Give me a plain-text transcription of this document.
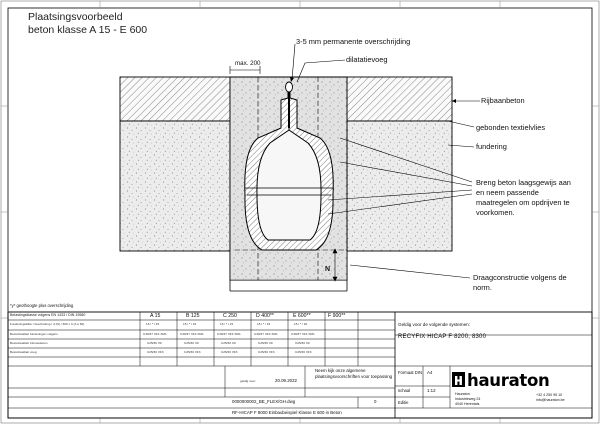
Plaatsingsvoorbeeld
beton klasse A 15 - E 600
max. 200
N
3-5 mm permanente overschrijding
dilatatievoeg
Rijbaanbeton
gebonden textielvlies
fundering
Breng beton laagsgewijs aan
en neem passende
maatregelen om opdrijven te
voorkomen.
Draagconstructie volgens de
norm.
*y* geothoogte plus overschrijding
Belastingsklasse volgens EN 1433 / DIN 19580	A 15	B 125	C 250	D 400**	E 600**	F 900**
Funderingsdikte / beschotting / d (N) / 300 x 3 (A ≥ 60)	15 / * / 15	15 / * / 15	15 / * / 15	15 / * / 15	15 / * / 20
Betonkwaliteit funderingen volgens	C30/37 XF4 XM1	C30/37 XF4 XM1	C30/37 XF4 XM1	C30/37 XF4 XM1	C30/37 XF4 XM1
Betonkwaliteit inbouwbeton	C25/30 X0	C25/30 X0	C25/30 X0	C25/30 X0	C25/30 X0
Betonkwaliteit voeg	C25/30 XF3	C25/30 XF3	C25/30 XF3	C25/30 XF3	C25/30 XF3
geldig voor:	20.09.2022
0000000002_BE_FLEX/GH.dwg	0
RF-HICAP F 8000 Einbaubeispiel Klasse E 600 in Beton
Geldig voor de volgende systemen:
RECYFIX HICAP F 8200, 8300
Neem kijk onze algemene
plaatsingsvoorschriften voor toepassing
Formaat DIN A4
schaal	1:12
Editie
hauraton
Hauraton
Industrieweg 24
4040 Herentals
+32 4 250 95 10
info@hauraton.be
